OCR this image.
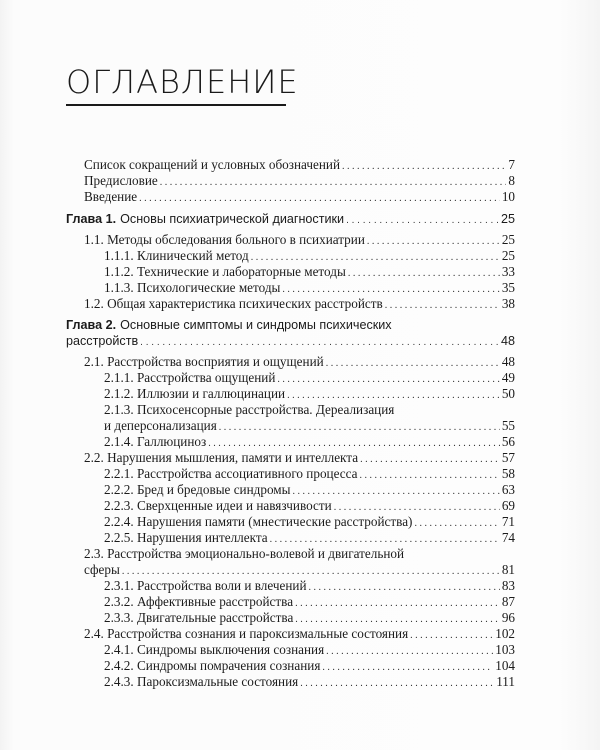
ОГЛАВЛЕНИЕ
Список сокращений и условных обозначений . . .	7
Предисловие . . .	8
Введение . . .	10
Глава 1. Основы психиатрической диагностики . . .	25
1.1. Методы обследования больного в психиатрии . . .	25
1.1.1. Клинический метод . . .	25
1.1.2. Технические и лабораторные методы . . .	33
1.1.3. Психологические методы . . .	35
1.2. Общая характеристика психических расстройств . . .	38
Глава 2. Основные симптомы и синдромы психических
расстройств . . .	48
2.1. Расстройства восприятия и ощущений . . .	48
2.1.1. Расстройства ощущений . . .	49
2.1.2. Иллюзии и галлюцинации . . .	50
2.1.3. Психосенсорные расстройства. Дереализация
и деперсонализация . . .	55
2.1.4. Галлюциноз . . .	56
2.2. Нарушения мышления, памяти и интеллекта . . .	57
2.2.1. Расстройства ассоциативного процесса . . .	58
2.2.2. Бред и бредовые синдромы . . .	63
2.2.3. Сверхценные идеи и навязчивости . . .	69
2.2.4. Нарушения памяти (мнестические расстройства) . . .	71
2.2.5. Нарушения интеллекта . . .	74
2.3. Расстройства эмоционально-волевой и двигательной
сферы . . .	81
2.3.1. Расстройства воли и влечений . . .	83
2.3.2. Аффективные расстройства . . .	87
2.3.3. Двигательные расстройства . . .	96
2.4. Расстройства сознания и пароксизмальные состояния . . .	102
2.4.1. Синдромы выключения сознания . . .	103
2.4.2. Синдромы помрачения сознания . . .	104
2.4.3. Пароксизмальные состояния . . .	111
